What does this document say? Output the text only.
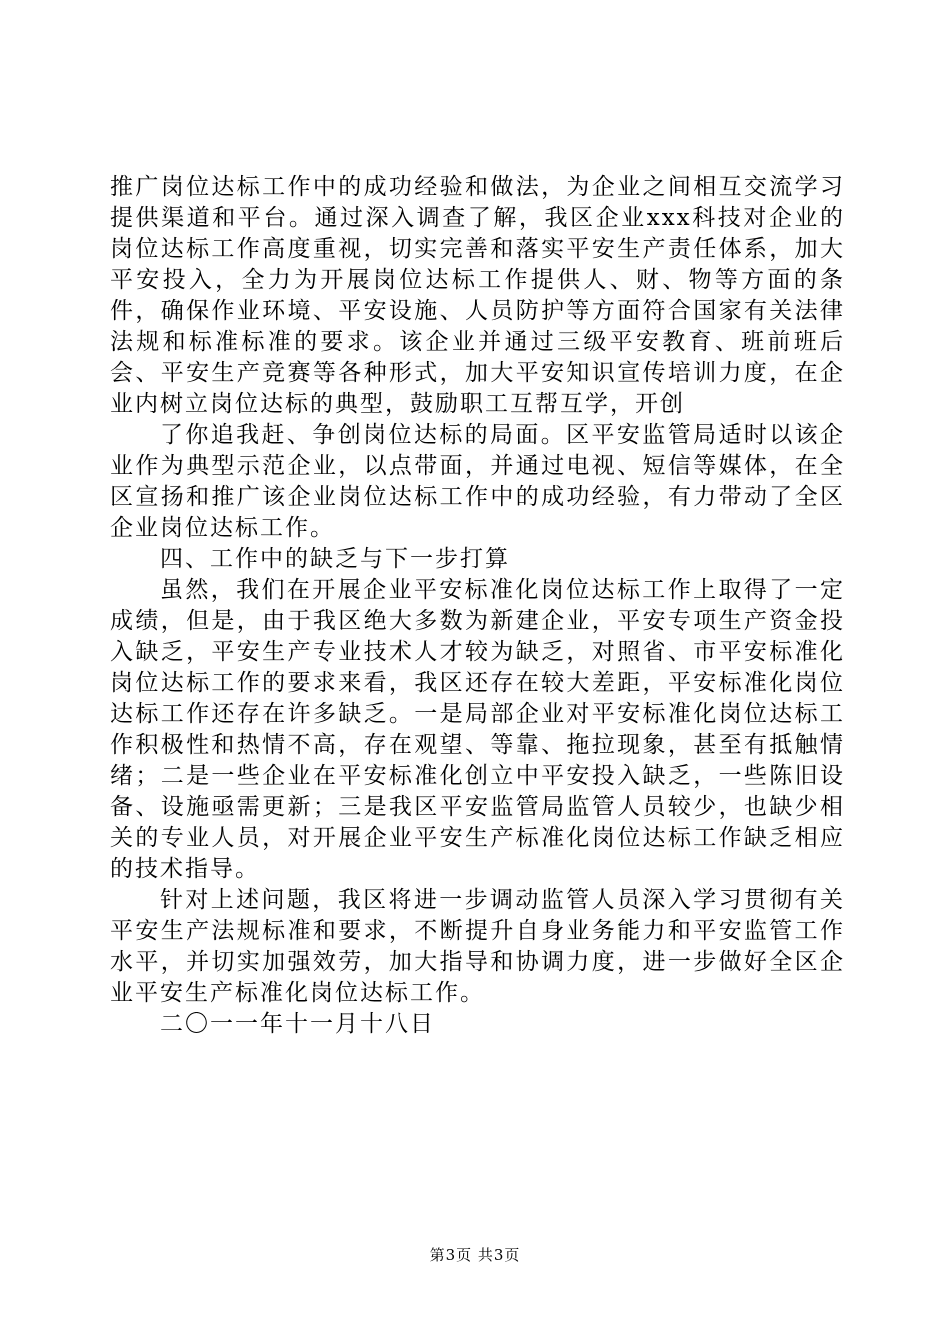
推广岗位达标工作中的成功经验和做法，为企业之间相互交流学习提供渠道和平台。通过深入调查了解，我区企业xxx科技对企业的岗位达标工作高度重视，切实完善和落实平安生产责任体系，加大平安投入，全力为开展岗位达标工作提供人、财、物等方面的条件，确保作业环境、平安设施、人员防护等方面符合国家有关法律法规和标准标准的要求。该企业并通过三级平安教育、班前班后会、平安生产竞赛等各种形式，加大平安知识宣传培训力度，在企业内树立岗位达标的典型，鼓励职工互帮互学，开创

了你追我赶、争创岗位达标的局面。区平安监管局适时以该企业作为典型示范企业，以点带面，并通过电视、短信等媒体，在全区宣扬和推广该企业岗位达标工作中的成功经验，有力带动了全区企业岗位达标工作。

四、工作中的缺乏与下一步打算

虽然，我们在开展企业平安标准化岗位达标工作上取得了一定成绩，但是，由于我区绝大多数为新建企业，平安专项生产资金投入缺乏，平安生产专业技术人才较为缺乏，对照省、市平安标准化岗位达标工作的要求来看，我区还存在较大差距，平安标准化岗位达标工作还存在许多缺乏。一是局部企业对平安标准化岗位达标工作积极性和热情不高，存在观望、等靠、拖拉现象，甚至有抵触情绪；二是一些企业在平安标准化创立中平安投入缺乏，一些陈旧设备、设施亟需更新；三是我区平安监管局监管人员较少，也缺少相关的专业人员，对开展企业平安生产标准化岗位达标工作缺乏相应的技术指导。

针对上述问题，我区将进一步调动监管人员深入学习贯彻有关平安生产法规标准和要求，不断提升自身业务能力和平安监管工作水平，并切实加强效劳，加大指导和协调力度，进一步做好全区企业平安生产标准化岗位达标工作。

二〇一一年十一月十八日

第3页 共3页
